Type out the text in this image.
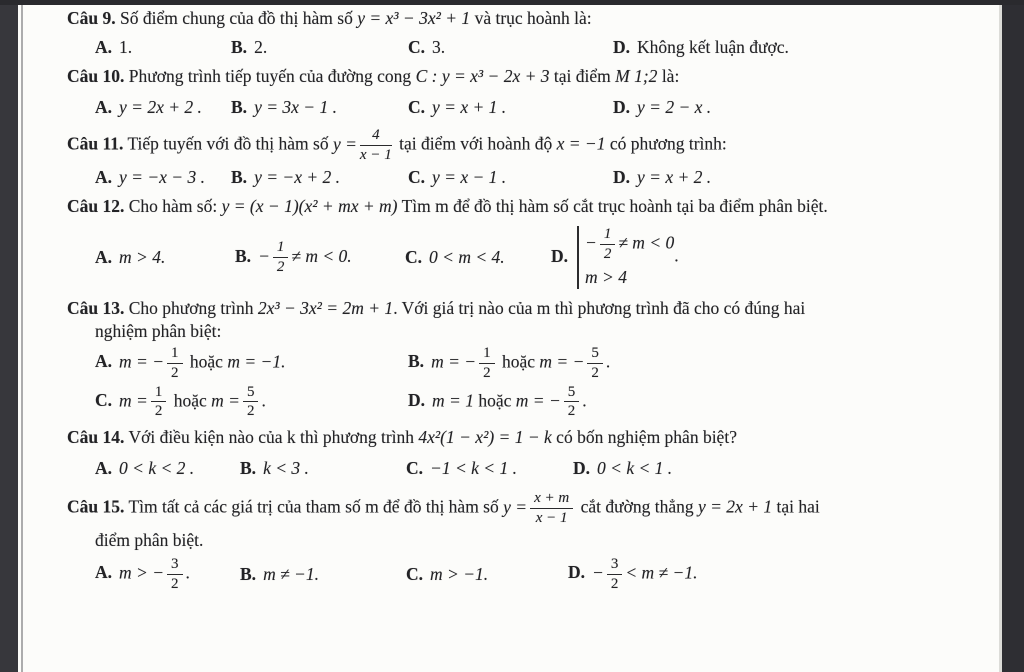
Câu 9. Số điểm chung của đồ thị hàm số y = x³ − 3x² + 1 và trục hoành là:
A. 1.	B. 2.	C. 3.	D. Không kết luận được.
Câu 10. Phương trình tiếp tuyến của đường cong C : y = x³ − 2x + 3 tại điểm M 1;2 là:
A. y = 2x + 2 .	B. y = 3x − 1 .	C. y = x + 1 .	D. y = 2 − x .
Câu 11. Tiếp tuyến với đồ thị hàm số $y = \frac{4}{x - 1}$ tại điểm với hoành độ x = −1 có phương trình:
A. y = −x − 3 .	B. y = −x + 2 .	C. y = x − 1 .	D. y = x + 2 .
Câu 12. Cho hàm số: y = (x − 1)(x² + mx + m) Tìm m để đồ thị hàm số cắt trục hoành tại ba điểm phân biệt.
A. m > 4.	B. − $\frac{1}{2} \ne m < 0$.	C. 0 < m < 4.	D.
− $\frac{1}{2} \ne m < 0$
m > 4
.
Câu 13. Cho phương trình 2x³ − 3x² = 2m + 1. Với giá trị nào của m thì phương trình đã cho có đúng hai
nghiệm phân biệt:
A. m = − $\frac{1}{2}$ hoặc m = −1.	B. m = − $\frac{1}{2}$ hoặc m = − $\frac{5}{2}$ .
C. $m = \frac{1}{2}$ hoặc $m = \frac{5}{2}$ .	D. m = 1 hoặc m = − $\frac{5}{2}$ .
Câu 14. Với điều kiện nào của k thì phương trình 4x²(1 − x²) = 1 − k có bốn nghiệm phân biệt?
A. 0 < k < 2 .	B. k < 3 .	C. −1 < k < 1 .	D. 0 < k < 1 .
Câu 15. Tìm tất cả các giá trị của tham số m để đồ thị hàm số $y = \frac{x + m}{x - 1}$ cắt đường thẳng y = 2x + 1 tại hai
điểm phân biệt.
A. m > − $\frac{3}{2}$ .	B. m ≠ −1.	C. m > −1.	D. − $\frac{3}{2} < m \ne -1$.
